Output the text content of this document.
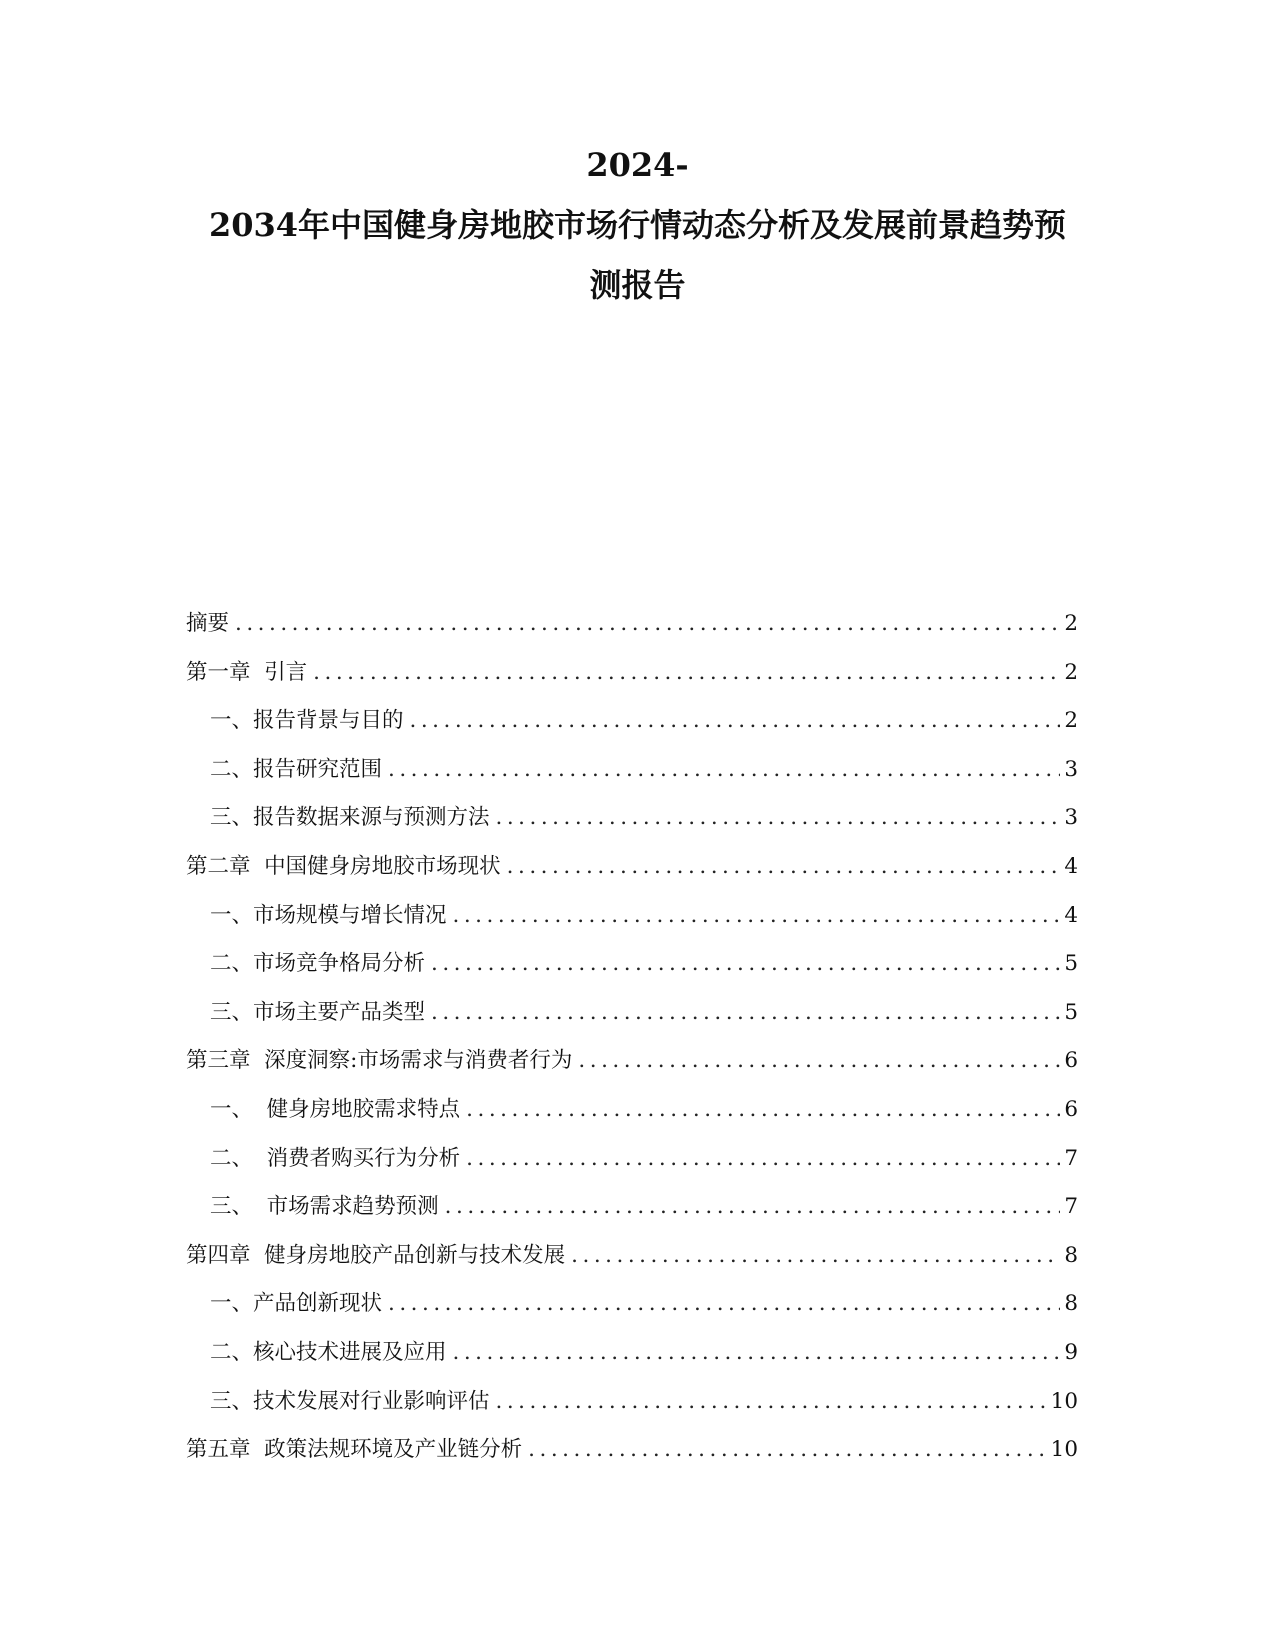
2024-
2034年中国健身房地胶市场行情动态分析及发展前景趋势预
测报告
摘要 .....	2
第一章  引言 .....	2
一、报告背景与目的 .....	2
二、报告研究范围 .....	3
三、报告数据来源与预测方法 .....	3
第二章  中国健身房地胶市场现状 .....	4
一、市场规模与增长情况 .....	4
二、市场竞争格局分析 .....	5
三、市场主要产品类型 .....	5
第三章  深度洞察:市场需求与消费者行为 .....	6
一、  健身房地胶需求特点 .....	6
二、  消费者购买行为分析 .....	7
三、  市场需求趋势预测 .....	7
第四章  健身房地胶产品创新与技术发展 .....	8
一、产品创新现状 .....	8
二、核心技术进展及应用 .....	9
三、技术发展对行业影响评估 .....	10
第五章  政策法规环境及产业链分析 .....	10
